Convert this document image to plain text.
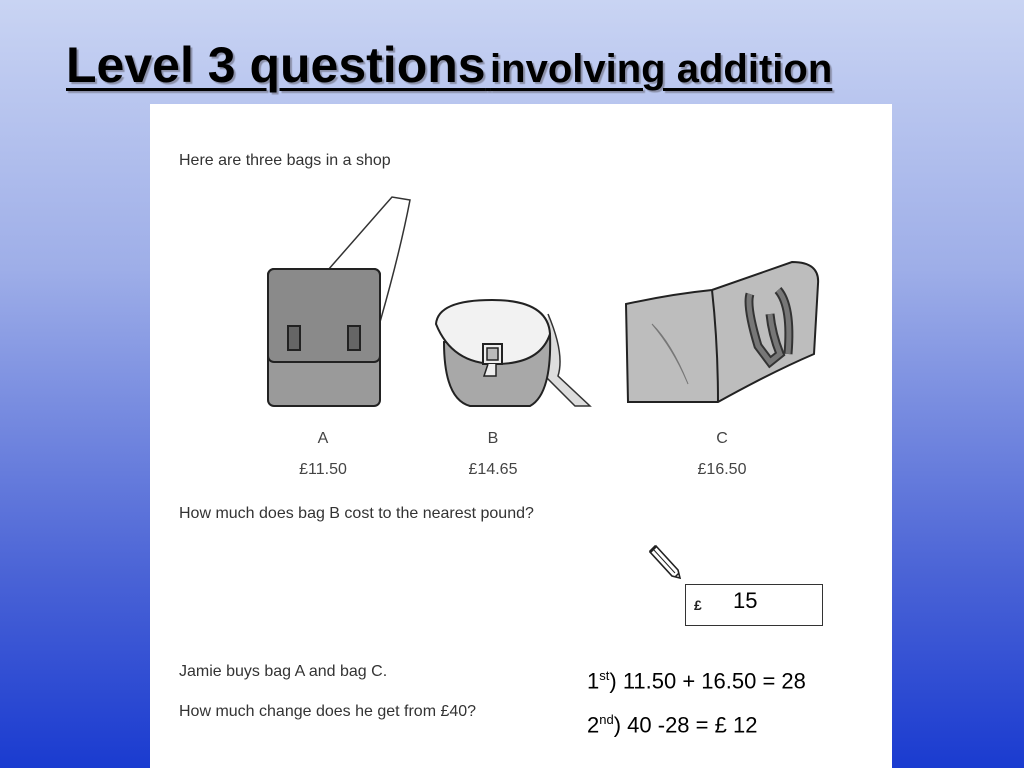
Level 3 questions involving addition
Here are three bags in a shop
A	B	C
£11.50	£14.65	£16.50
How much does bag B cost to the nearest pound?
£ 15
Jamie buys bag A and bag C.
How much change does he get from £40?
1st) 11.50 + 16.50 = 28
2nd) 40 -28 = £ 12
